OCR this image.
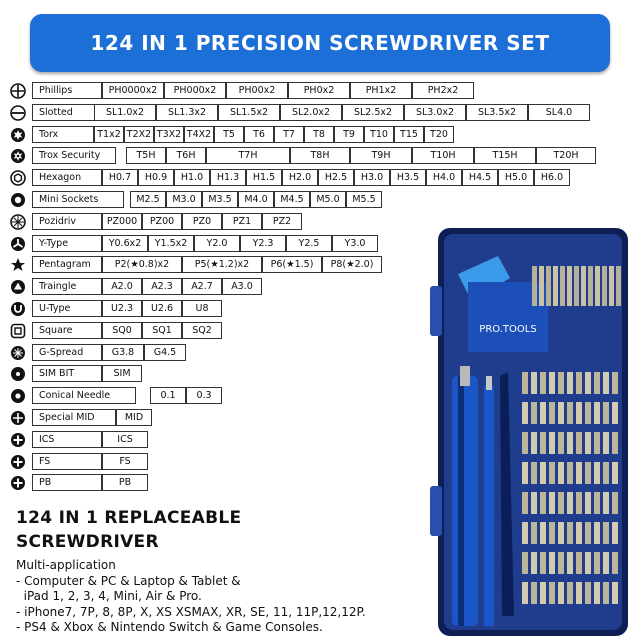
124 IN 1 PRECISION SCREWDRIVER SET
Phillips	PH0000x2	PH000x2	PH00x2	PH0x2	PH1x2	PH2x2
Slotted	SL1.0x2	SL1.3x2	SL1.5x2	SL2.0x2	SL2.5x2	SL3.0x2	SL3.5x2	SL4.0
Torx	T1x2 T2X2 T3X2 T4X2	T5	T6	T7	T8	T9	T10	T15	T20
Trox Security	T5H	T6H	T7H	T8H	T9H	T10H	T15H	T20H
Hexagon	H0.7	H0.9	H1.0	H1.3	H1.5	H2.0	H2.5	H3.0	H3.5	H4.0	H4.5	H5.0	H6.0
Mini Sockets	M2.5	M3.0	M3.5	M4.0	M4.5	M5.0	M5.5
Pozidriv	PZ000	PZ00	PZ0	PZ1	PZ2
Y-Type	Y0.6x2	Y1.5x2	Y2.0	Y2.3	Y2.5	Y3.0
Pentagram	P2(★0.8)x2	P5(★1.2)x2	P6(★1.5)	P8(★2.0)
Traingle	A2.0	A2.3	A2.7	A3.0
U-Type	U2.3	U2.6	U8
Square	SQ0	SQ1	SQ2
G-Spread	G3.8	G4.5
SIM BIT	SIM
Conical Needle	0.1	0.3
Special MID	MID
ICS	ICS
FS	FS
PB	PB
124 IN 1 REPLACEABLE
SCREWDRIVER
Multi-application
- Computer & PC & Laptop & Tablet &
iPad 1, 2, 3, 4, Mini, Air & Pro.
- iPhone7, 7P, 8, 8P, X, XS XSMAX, XR, SE, 11, 11P,12,12P.
- PS4 & Xbox & Nintendo Switch & Game Consoles.
PRO.TOOLS
